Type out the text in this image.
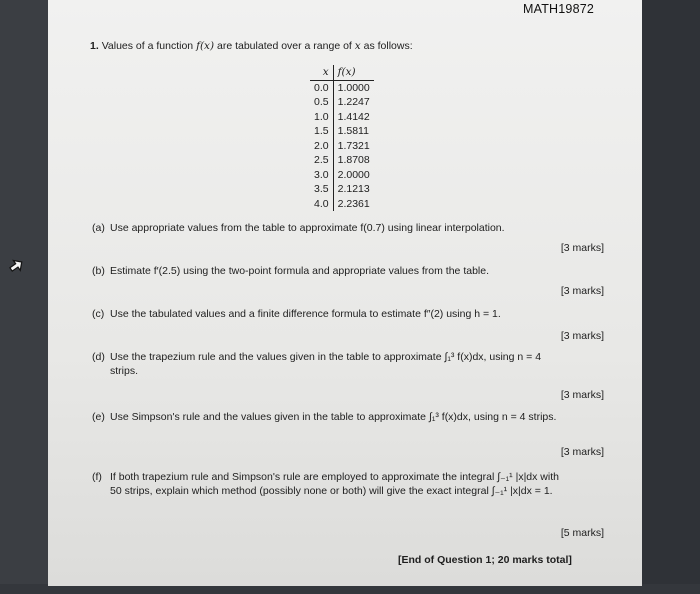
MATH19872
1. Values of a function f(x) are tabulated over a range of x as follows:
x	f(x)
0.0	1.0000
0.5	1.2247
1.0	1.4142
1.5	1.5811
2.0	1.7321
2.5	1.8708
3.0	2.0000
3.5	2.1213
4.0	2.2361
(a) Use appropriate values from the table to approximate f(0.7) using linear interpolation.
[3 marks]
(b) Estimate f′(2.5) using the two-point formula and appropriate values from the table.
[3 marks]
(c) Use the tabulated values and a finite difference formula to estimate f″(2) using h = 1.
[3 marks]
(d) Use the trapezium rule and the values given in the table to approximate ∫₁³ f(x)dx, using n = 4
strips.
[3 marks]
(e) Use Simpson's rule and the values given in the table to approximate ∫₁³ f(x)dx, using n = 4 strips.
[3 marks]
(f) If both trapezium rule and Simpson's rule are employed to approximate the integral ∫₋₁¹ |x|dx with
50 strips, explain which method (possibly none or both) will give the exact integral ∫₋₁¹ |x|dx = 1.
[5 marks]
[End of Question 1; 20 marks total]
